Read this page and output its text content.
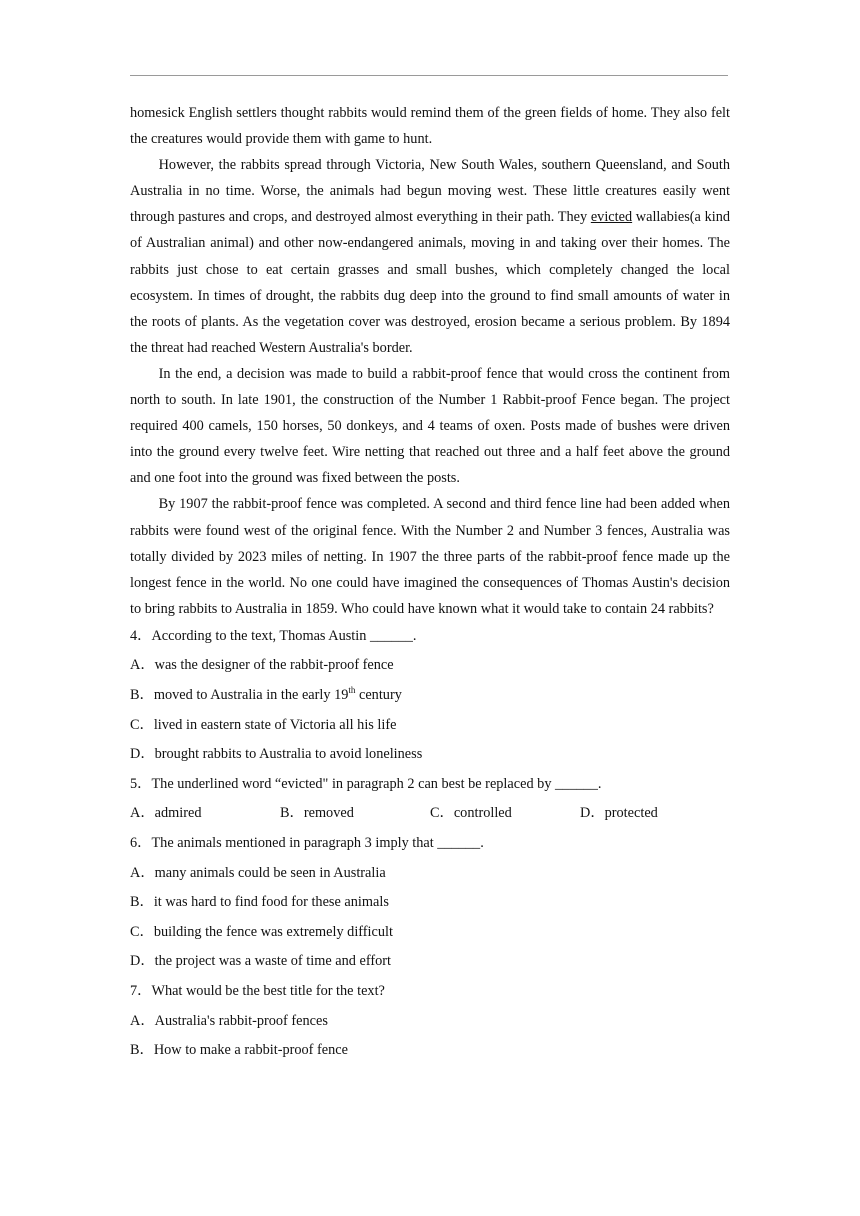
homesick English settlers thought rabbits would remind them of the green fields of home. They also felt the creatures would provide them with game to hunt.

However, the rabbits spread through Victoria, New South Wales, southern Queensland, and South Australia in no time. Worse, the animals had begun moving west. These little creatures easily went through pastures and crops, and destroyed almost everything in their path. They evicted wallabies(a kind of Australian animal) and other now-endangered animals, moving in and taking over their homes. The rabbits just chose to eat certain grasses and small bushes, which completely changed the local ecosystem. In times of drought, the rabbits dug deep into the ground to find small amounts of water in the roots of plants. As the vegetation cover was destroyed, erosion became a serious problem. By 1894 the threat had reached Western Australia's border.

In the end, a decision was made to build a rabbit-proof fence that would cross the continent from north to south. In late 1901, the construction of the Number 1 Rabbit-proof Fence began. The project required 400 camels, 150 horses, 50 donkeys, and 4 teams of oxen. Posts made of bushes were driven into the ground every twelve feet. Wire netting that reached out three and a half feet above the ground and one foot into the ground was fixed between the posts.

By 1907 the rabbit-proof fence was completed. A second and third fence line had been added when rabbits were found west of the original fence. With the Number 2 and Number 3 fences, Australia was totally divided by 2023 miles of netting. In 1907 the three parts of the rabbit-proof fence made up the longest fence in the world. No one could have imagined the consequences of Thomas Austin's decision to bring rabbits to Australia in 1859. Who could have known what it would take to contain 24 rabbits?

4．According to the text, Thomas Austin ______.

A．was the designer of the rabbit-proof fence

B．moved to Australia in the early 19th century

C．lived in eastern state of Victoria all his life

D．brought rabbits to Australia to avoid loneliness

5．The underlined word “evicted" in paragraph 2 can best be replaced by ______.

A．admired	B．removed	C．controlled	D．protected

6．The animals mentioned in paragraph 3 imply that ______.

A．many animals could be seen in Australia

B．it was hard to find food for these animals

C．building the fence was extremely difficult

D．the project was a waste of time and effort

7．What would be the best title for the text?

A．Australia's rabbit-proof fences

B．How to make a rabbit-proof fence
